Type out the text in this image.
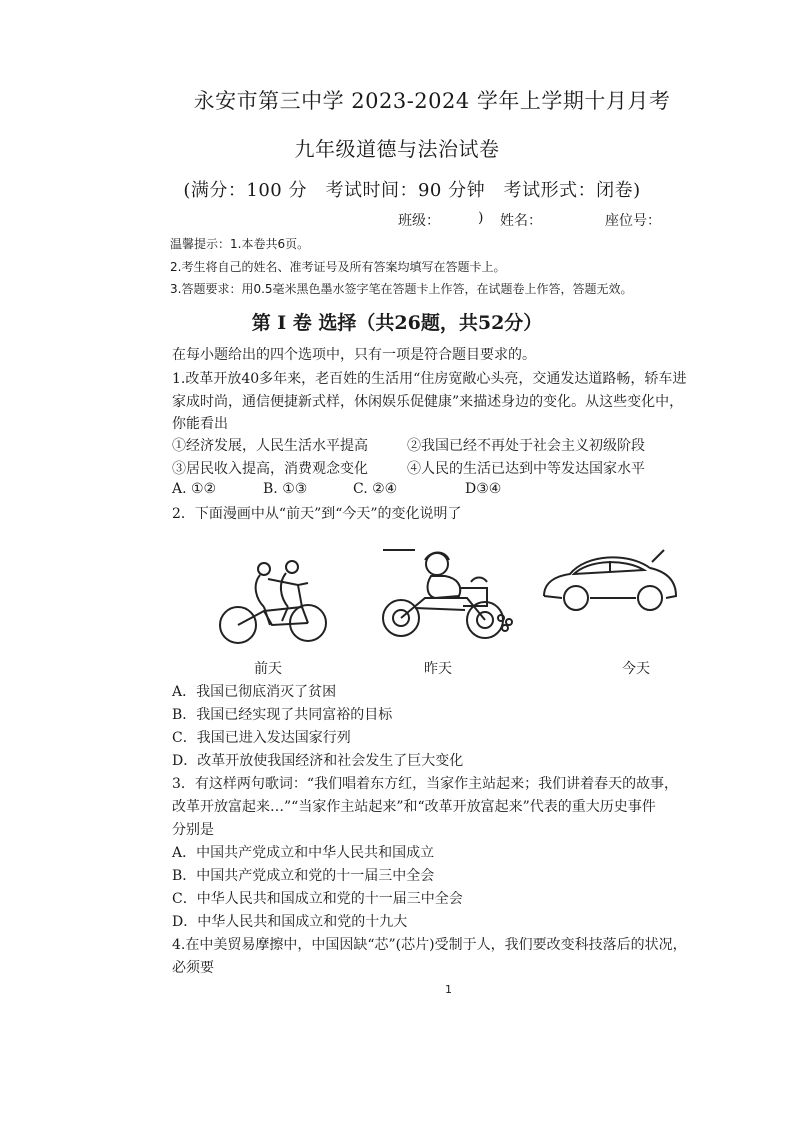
永安市第三中学 2023-2024 学年上学期十月月考
九年级道德与法治试卷
(满分：100 分　考试时间：90 分钟　考试形式：闭卷)
班级：	) 姓名：	座位号：
温馨提示：1.本卷共6页。
2.考生将自己的姓名、准考证号及所有答案均填写在答题卡上。
3.答题要求：用0.5毫米黑色墨水签字笔在答题卡上作答，在试题卷上作答，答题无效。
第 I 卷 选择（共26题，共52分）
在每小题给出的四个选项中，只有一项是符合题目要求的。
1.改革开放40多年来，老百姓的生活用“住房宽敞心头亮，交通发达道路畅，轿车进
家成时尚，通信便捷新式样，休闲娱乐促健康”来描述身边的变化。从这些变化中，
你能看出
①经济发展，人民生活水平提高	②我国已经不再处于社会主义初级阶段
③居民收入提高，消费观念变化	④人民的生活已达到中等发达国家水平
A. ①②	B. ①③	C. ②④	D③④
2．下面漫画中从“前天”到“今天”的变化说明了
前天	昨天	今天
A．我国已彻底消灭了贫困
B．我国已经实现了共同富裕的目标
C．我国已进入发达国家行列
D．改革开放使我国经济和社会发生了巨大变化
3．有这样两句歌词：“我们唱着东方红，当家作主站起来；我们讲着春天的故事，
改革开放富起来…”“当家作主站起来”和“改革开放富起来”代表的重大历史事件
分别是
A．中国共产党成立和中华人民共和国成立
B．中国共产党成立和党的十一届三中全会
C．中华人民共和国成立和党的十一届三中全会
D．中华人民共和国成立和党的十九大
4.在中美贸易摩擦中，中国因缺“芯”(芯片)受制于人，我们要改变科技落后的状况，
必须要
1
